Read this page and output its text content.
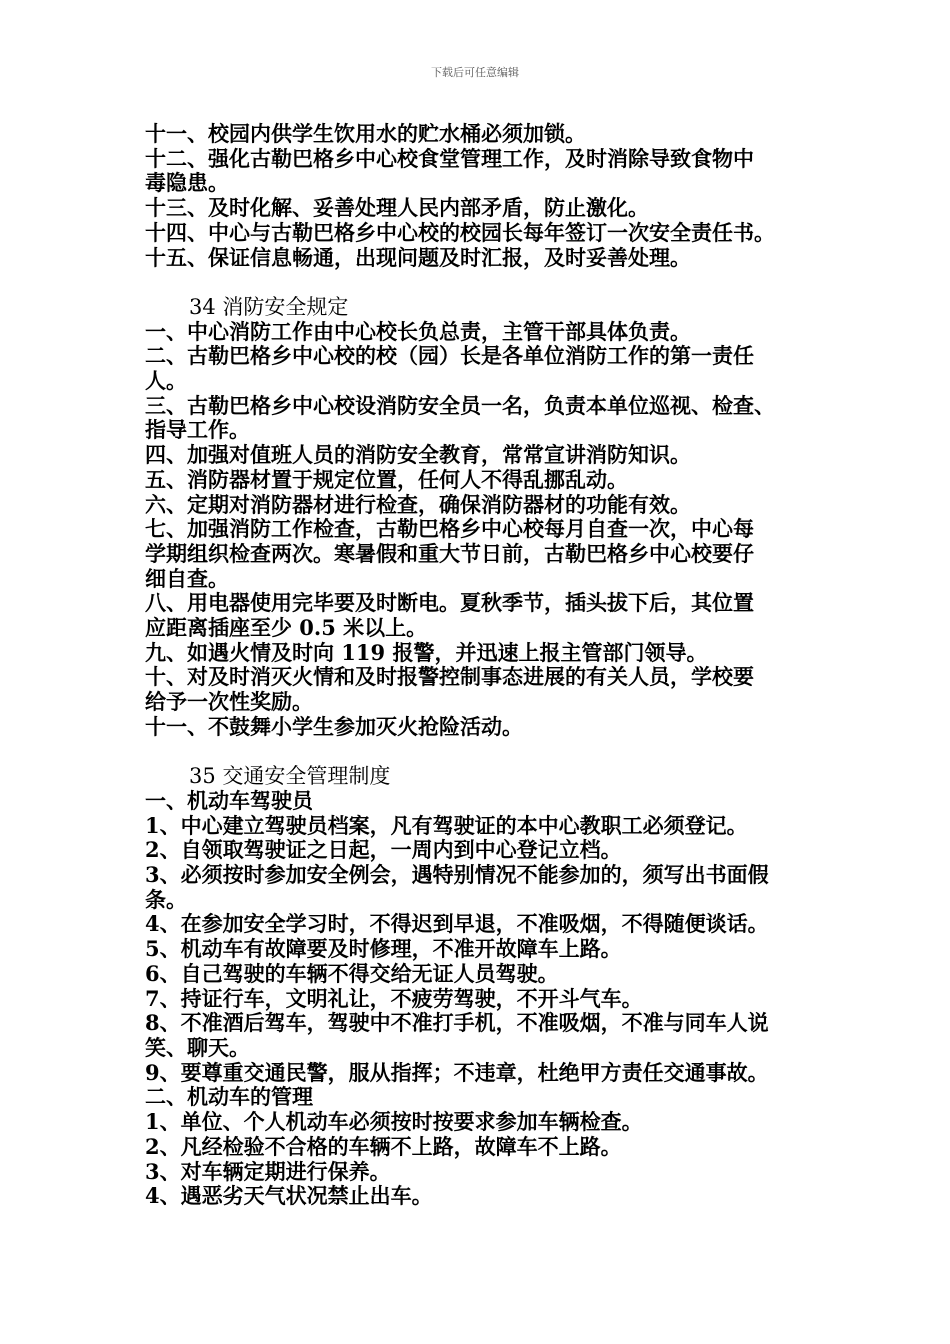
下载后可任意编辑
十一、校园内供学生饮用水的贮水桶必须加锁。
十二、强化古勒巴格乡中心校食堂管理工作，及时消除导致食物中
毒隐患。
十三、及时化解、妥善处理人民内部矛盾，防止激化。
十四、中心与古勒巴格乡中心校的校园长每年签订一次安全责任书。
十五、保证信息畅通，出现问题及时汇报，及时妥善处理。
34 消防安全规定
一、中心消防工作由中心校长负总责，主管干部具体负责。
二、古勒巴格乡中心校的校（园）长是各单位消防工作的第一责任
人。
三、古勒巴格乡中心校设消防安全员一名，负责本单位巡视、检查、
指导工作。
四、加强对值班人员的消防安全教育，常常宣讲消防知识。
五、消防器材置于规定位置，任何人不得乱挪乱动。
六、定期对消防器材进行检查，确保消防器材的功能有效。
七、加强消防工作检查，古勒巴格乡中心校每月自查一次，中心每
学期组织检查两次。寒暑假和重大节日前，古勒巴格乡中心校要仔
细自查。
八、用电器使用完毕要及时断电。夏秋季节，插头拔下后，其位置
应距离插座至少 0.5 米以上。
九、如遇火情及时向 119 报警，并迅速上报主管部门领导。
十、对及时消灭火情和及时报警控制事态进展的有关人员，学校要
给予一次性奖励。
十一、不鼓舞小学生参加灭火抢险活动。
35 交通安全管理制度
一、机动车驾驶员
1、中心建立驾驶员档案，凡有驾驶证的本中心教职工必须登记。
2、自领取驾驶证之日起，一周内到中心登记立档。
3、必须按时参加安全例会，遇特别情况不能参加的，须写出书面假
条。
4、在参加安全学习时，不得迟到早退，不准吸烟，不得随便谈话。
5、机动车有故障要及时修理，不准开故障车上路。
6、自己驾驶的车辆不得交给无证人员驾驶。
7、持证行车，文明礼让，不疲劳驾驶，不开斗气车。
8、不准酒后驾车，驾驶中不准打手机，不准吸烟，不准与同车人说
笑、聊天。
9、要尊重交通民警，服从指挥；不违章，杜绝甲方责任交通事故。
二、机动车的管理
1、单位、个人机动车必须按时按要求参加车辆检查。
2、凡经检验不合格的车辆不上路，故障车不上路。
3、对车辆定期进行保养。
4、遇恶劣天气状况禁止出车。
